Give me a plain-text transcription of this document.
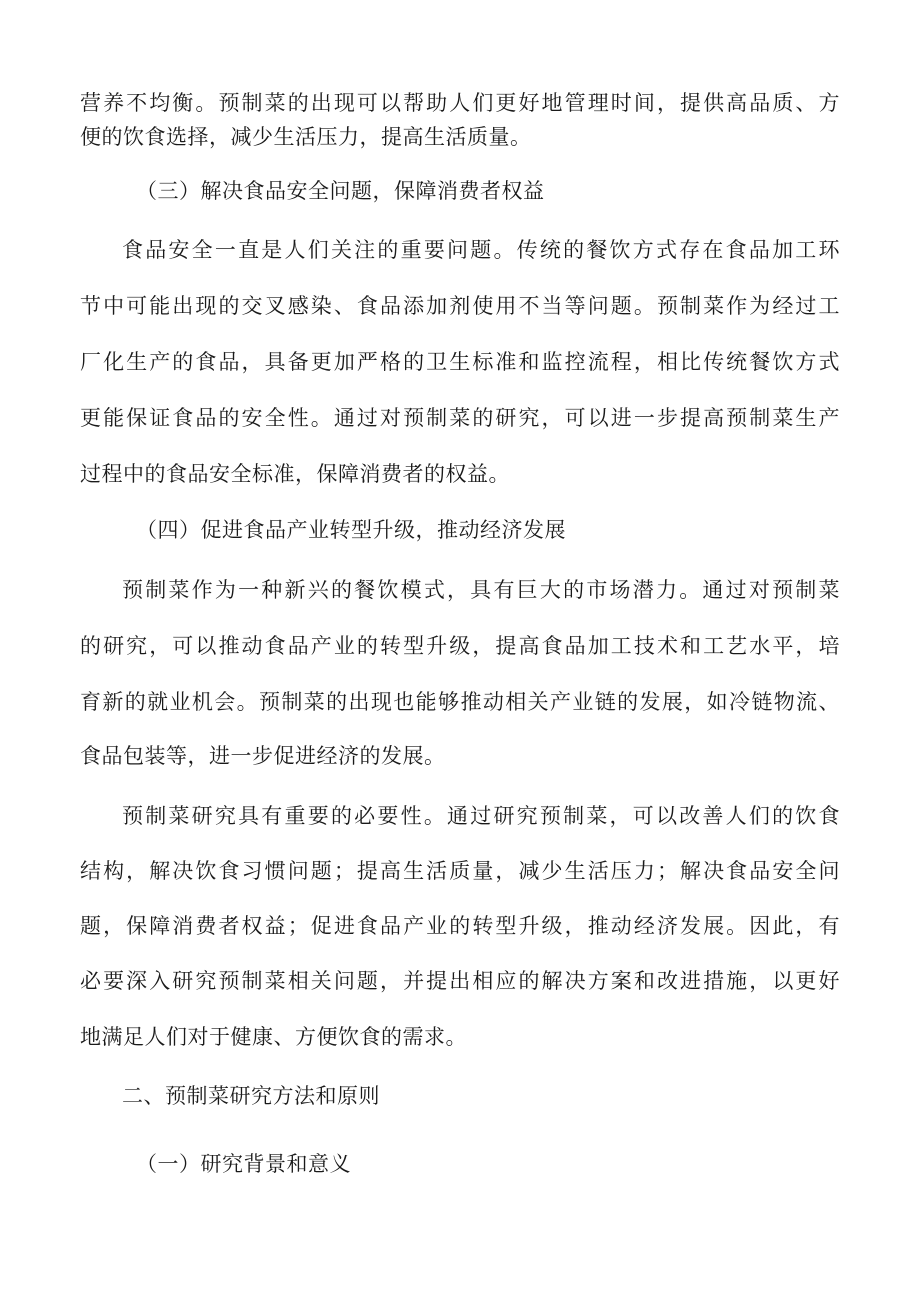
营养不均衡。预制菜的出现可以帮助人们更好地管理时间，提供高品质、方
便的饮食选择，减少生活压力，提高生活质量。
（三）解决食品安全问题，保障消费者权益
食品安全一直是人们关注的重要问题。传统的餐饮方式存在食品加工环
节中可能出现的交叉感染、食品添加剂使用不当等问题。预制菜作为经过工
厂化生产的食品，具备更加严格的卫生标准和监控流程，相比传统餐饮方式
更能保证食品的安全性。通过对预制菜的研究，可以进一步提高预制菜生产
过程中的食品安全标准，保障消费者的权益。
（四）促进食品产业转型升级，推动经济发展
预制菜作为一种新兴的餐饮模式，具有巨大的市场潜力。通过对预制菜
的研究，可以推动食品产业的转型升级，提高食品加工技术和工艺水平，培
育新的就业机会。预制菜的出现也能够推动相关产业链的发展，如冷链物流、
食品包装等，进一步促进经济的发展。
预制菜研究具有重要的必要性。通过研究预制菜，可以改善人们的饮食
结构，解决饮食习惯问题；提高生活质量，减少生活压力；解决食品安全问
题，保障消费者权益；促进食品产业的转型升级，推动经济发展。因此，有
必要深入研究预制菜相关问题，并提出相应的解决方案和改进措施，以更好
地满足人们对于健康、方便饮食的需求。
二、预制菜研究方法和原则
（一）研究背景和意义
